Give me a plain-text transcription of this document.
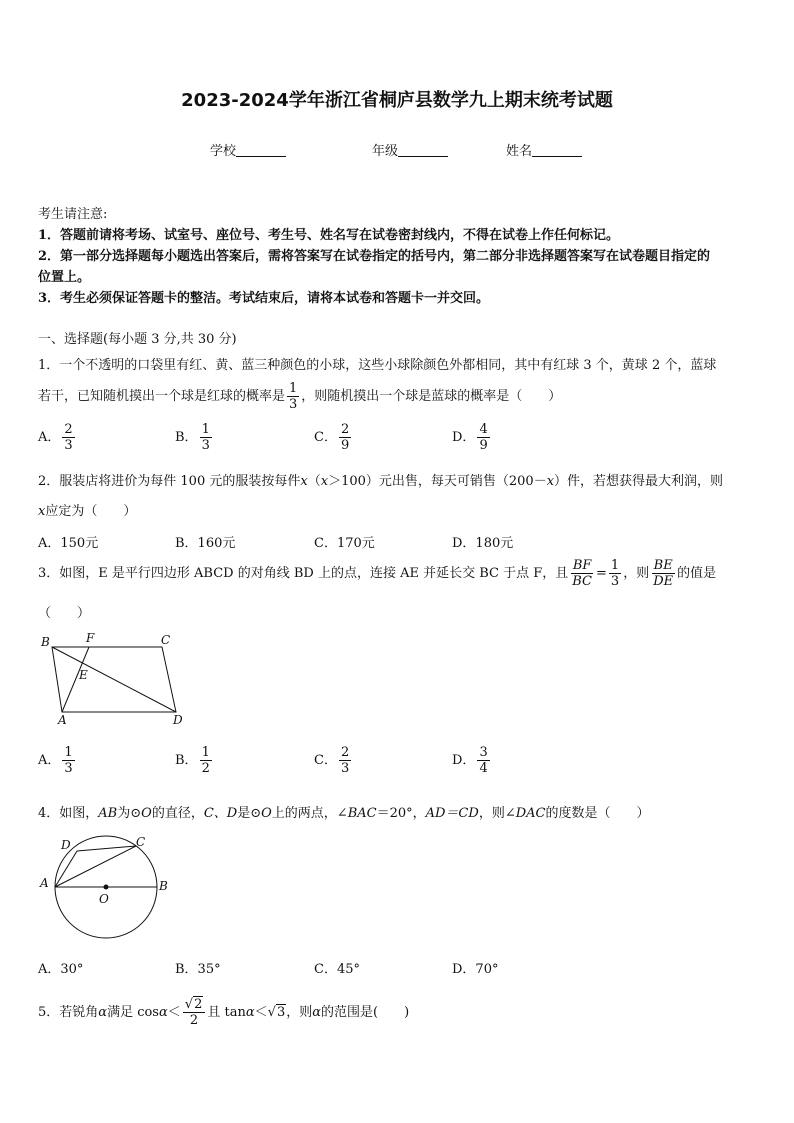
2023-2024学年浙江省桐庐县数学九上期末统考试题
学校	年级	姓名
考生请注意:
1．答题前请将考场、试室号、座位号、考生号、姓名写在试卷密封线内，不得在试卷上作任何标记。
2．第一部分选择题每小题选出答案后，需将答案写在试卷指定的括号内，第二部分非选择题答案写在试卷题目指定的
位置上。
3．考生必须保证答题卡的整洁。考试结束后，请将本试卷和答题卡一并交回。
一、选择题(每小题 3 分,共 30 分)
1．一个不透明的口袋里有红、黄、蓝三种颜色的小球，这些小球除颜色外都相同，其中有红球 3 个，黄球 2 个，蓝球
若干，已知随机摸出一个球是红球的概率是 $\frac{1}{3}$ ，则随机摸出一个球是蓝球的概率是（　　）
A． $\frac{2}{3}$	B． $\frac{1}{3}$	C． $\frac{2}{9}$	D． $\frac{4}{9}$
2．服装店将进价为每件 100 元的服装按每件x（x＞100）元出售，每天可销售（200－x）件，若想获得最大利润，则
x应定为（　　）
A．150元	B．160元	C．170元	D．180元
3．如图，E 是平行四边形 ABCD 的对角线 BD 上的点，连接 AE 并延长交 BC 于点 F，且 $\frac{BF}{BC} = \frac{1}{3}$ ，则 $\frac{BE}{DE}$ 的值是
（　　）
B	F	C
E
A	D
A． $\frac{1}{3}$	B． $\frac{1}{2}$	C． $\frac{2}{3}$	D． $\frac{3}{4}$
4．如图，AB为⊙O的直径，C、D是⊙O上的两点，∠BAC＝20°，AD＝CD，则∠DAC的度数是（　　）
D	C
A	B
O
A．30°	B．35°	C．45°	D．70°
5．若锐角α满足 $\cos\alpha< \frac{√2}{2}$ 且 tanα＜√3，则α的范围是(　　)
